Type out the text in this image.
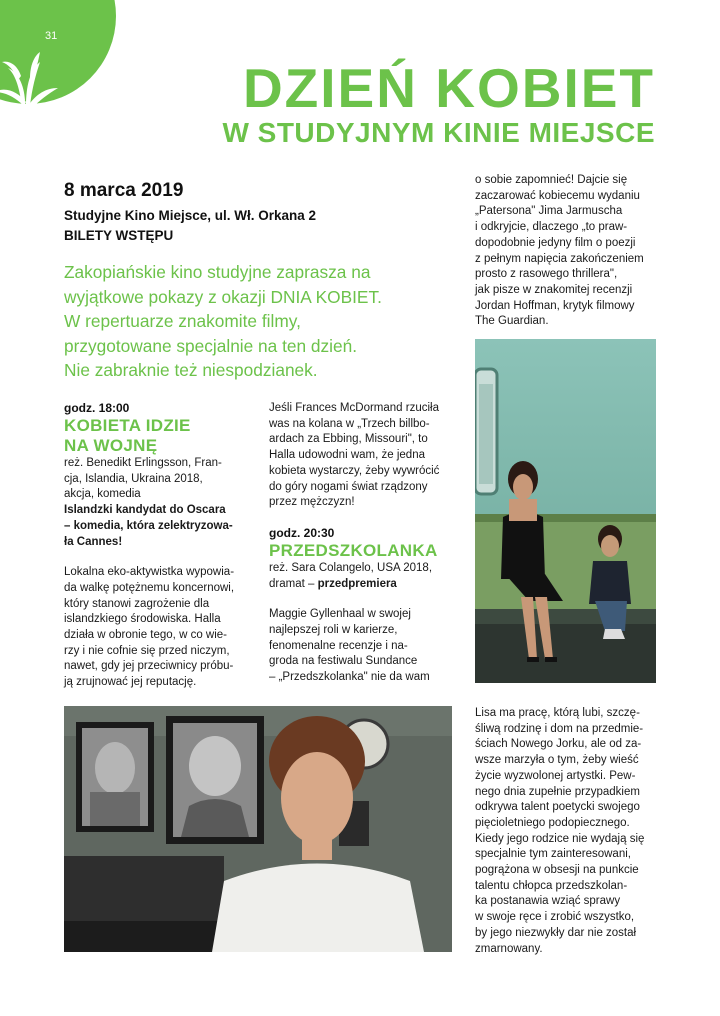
31
DZIEŃ KOBIET
W STUDYJNYM KINIE MIEJSCE
8 marca 2019
Studyjne Kino Miejsce, ul. Wł. Orkana 2
BILETY WSTĘPU
Zakopiańskie kino studyjne zaprasza na
wyjątkowe pokazy z okazji DNIA KOBIET.
W repertuarze znakomite filmy,
przygotowane specjalnie na ten dzień.
Nie zabraknie też niespodzianek.
godz. 18:00
KOBIETA IDZIE
NA WOJNĘ
reż. Benedikt Erlingsson, Fran-
cja, Islandia, Ukraina 2018,
akcja, komedia
Islandzki kandydat do Oscara
– komedia, która zelektryzowa-
ła Cannes!
Lokalna eko-aktywistka wypowia-
da walkę potężnemu koncernowi,
który stanowi zagrożenie dla
islandzkiego środowiska. Halla
działa w obronie tego, w co wie-
rzy i nie cofnie się przed niczym,
nawet, gdy jej przeciwnicy próbu-
ją zrujnować jej reputację.
Jeśli Frances McDormand rzuciła
was na kolana w „Trzech billbo-
ardach za Ebbing, Missouri", to
Halla udowodni wam, że jedna
kobieta wystarczy, żeby wywrócić
do góry nogami świat rządzony
przez mężczyzn!
godz. 20:30
PRZEDSZKOLANKA
reż. Sara Colangelo, USA 2018,
dramat – przedpremiera
Maggie Gyllenhaal w swojej
najlepszej roli w karierze,
fenomenalne recenzje i na-
groda na festiwalu Sundance
– „Przedszkolanka" nie da wam
o sobie zapomnieć! Dajcie się
zaczarować kobiecemu wydaniu
„Patersona" Jima Jarmuscha
i odkryjcie, dlaczego „to praw-
dopodobnie jedyny film o poezji
z pełnym napięcia zakończeniem
prosto z rasowego thrillera",
jak pisze w znakomitej recenzji
Jordan Hoffman, krytyk filmowy
The Guardian.
Lisa ma pracę, którą lubi, szczę-
śliwą rodzinę i dom na przedmie-
ściach Nowego Jorku, ale od za-
wsze marzyła o tym, żeby wieść
życie wyzwolonej artystki. Pew-
nego dnia zupełnie przypadkiem
odkrywa talent poetycki swojego
pięcioletniego podopiecznego.
Kiedy jego rodzice nie wydają się
specjalnie tym zainteresowani,
pogrążona w obsesji na punkcie
talentu chłopca przedszkolan-
ka postanawia wziąć sprawy
w swoje ręce i zrobić wszystko,
by jego niezwykły dar nie został
zmarnowany.
